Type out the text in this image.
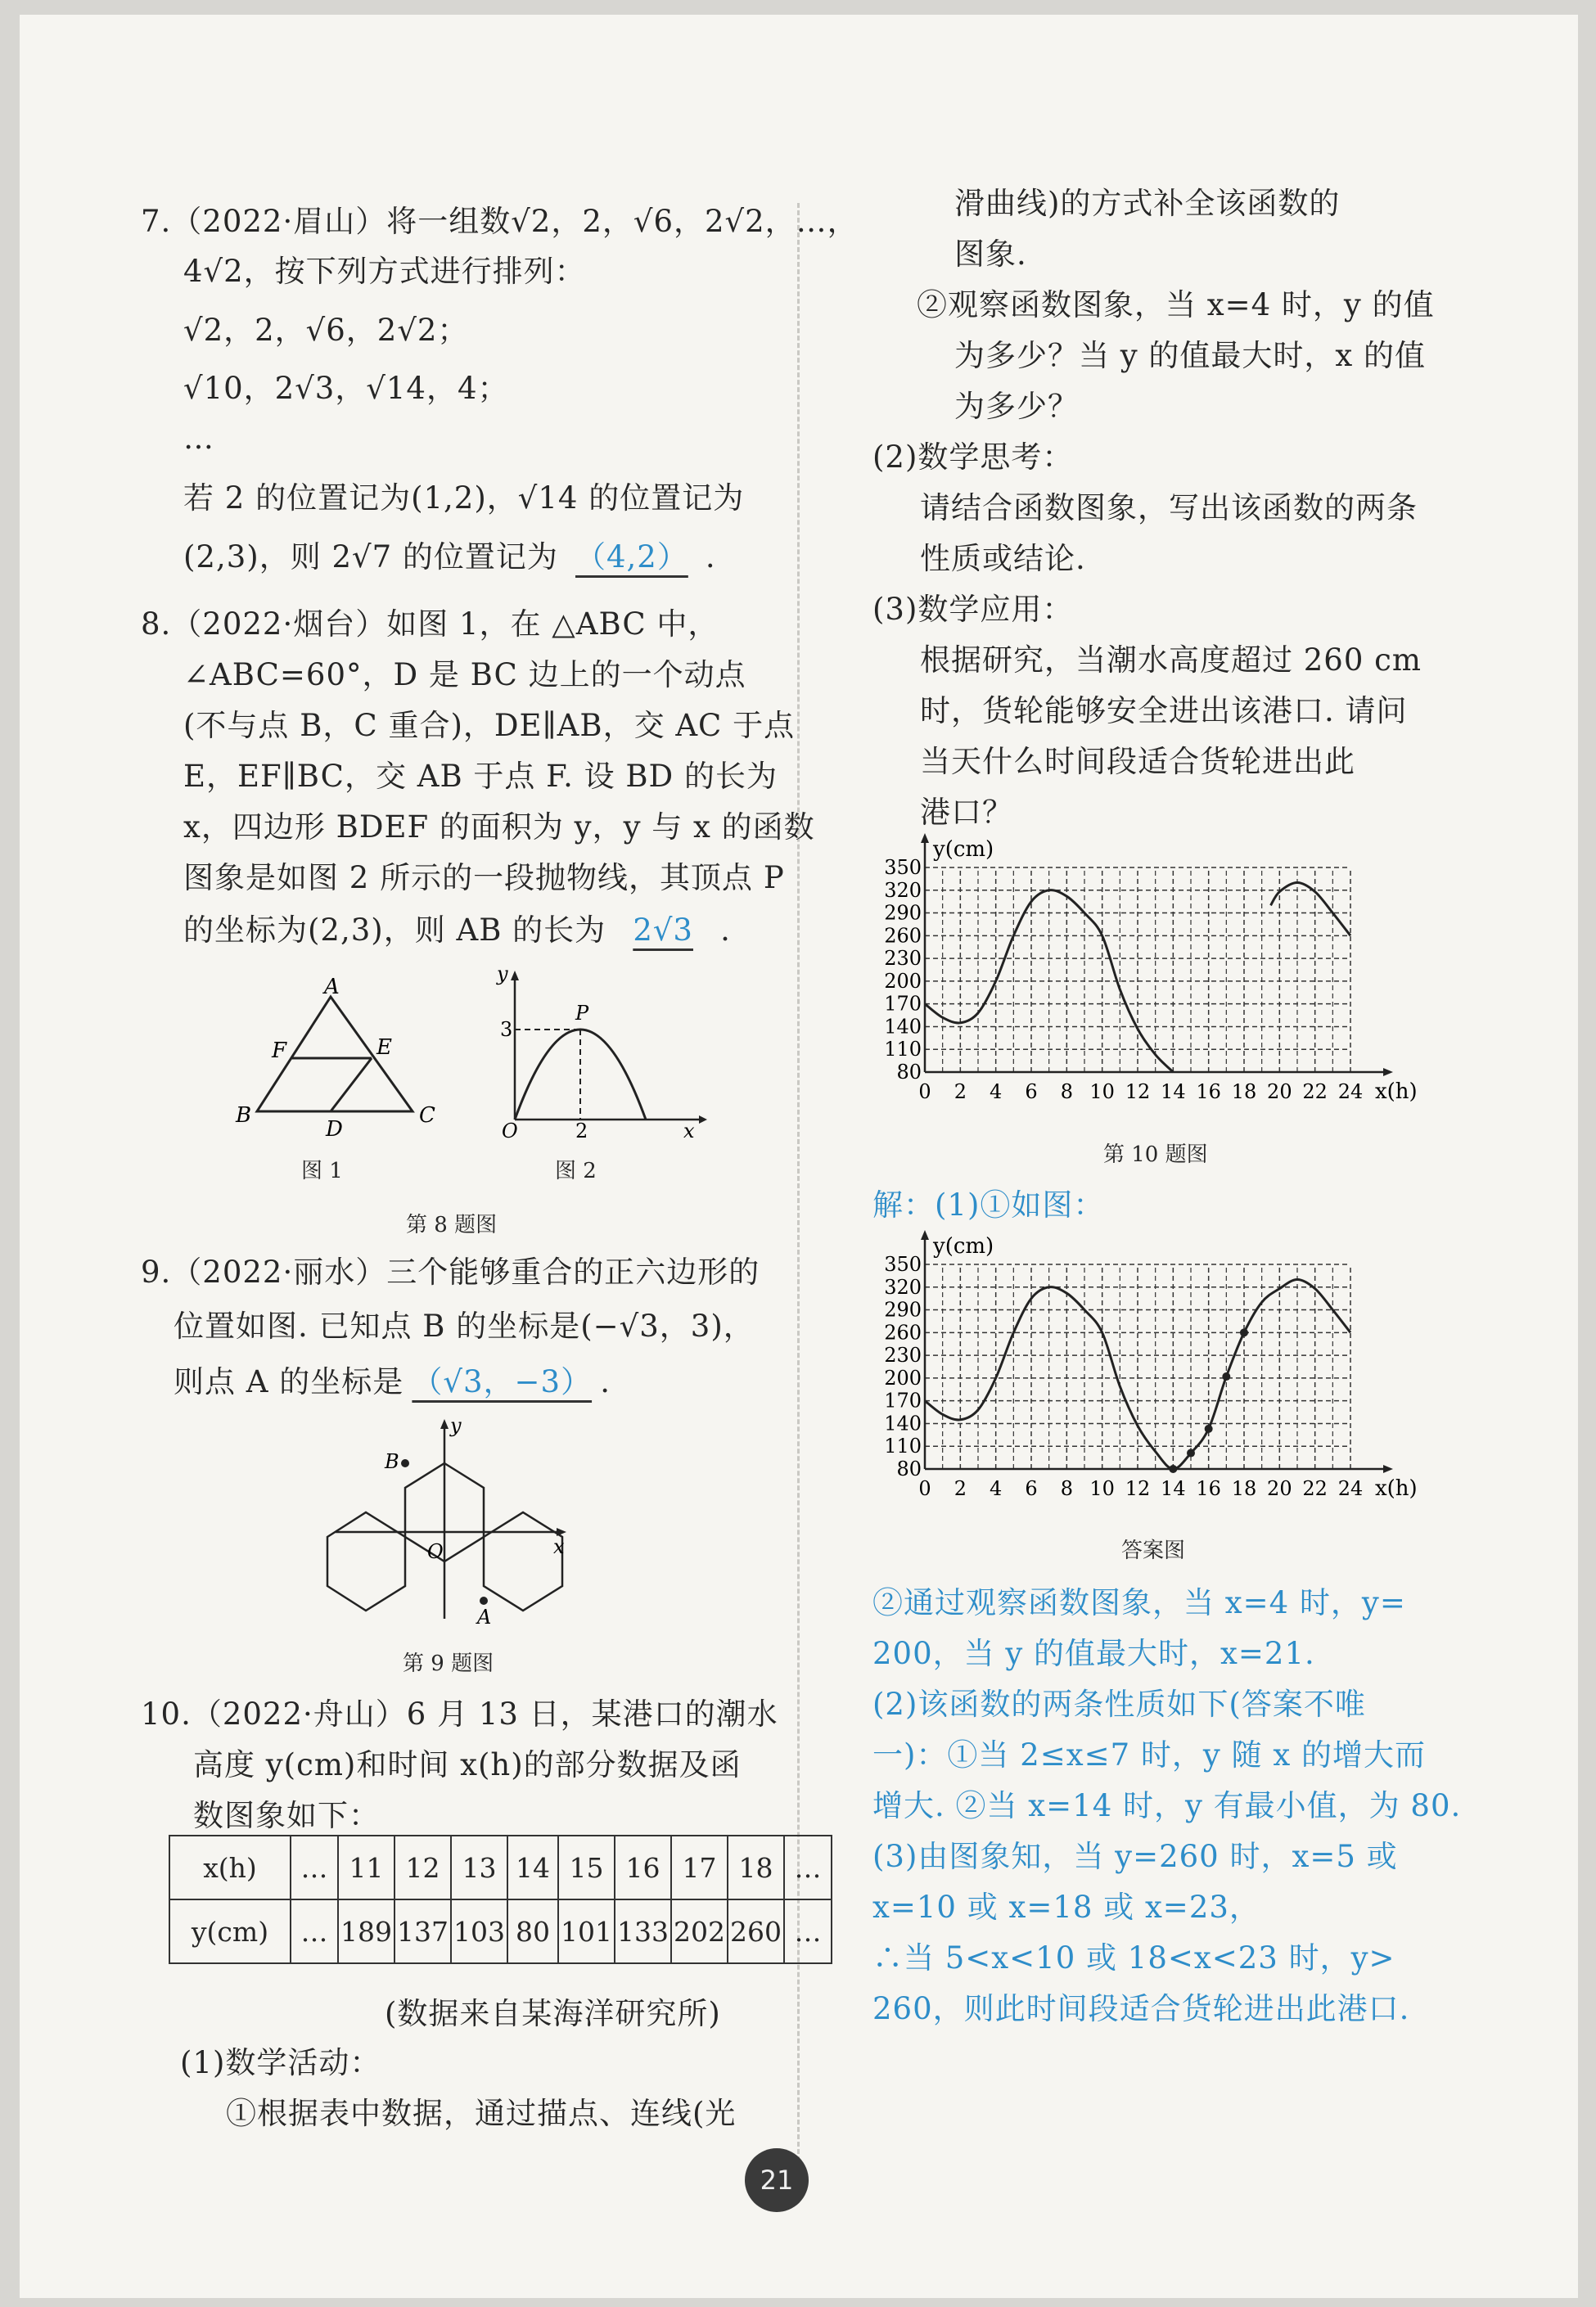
7.（2022·眉山）将一组数√2，2，√6，2√2，…，
4√2，按下列方式进行排列：
√2，2，√6，2√2；
√10，2√3，√14，4；
…
若 2 的位置记为(1,2)，√14 的位置记为
(2,3)，则 2√7 的位置记为 （4,2） .
8.（2022·烟台）如图 1，在 △ABC 中，
∠ABC=60°，D 是 BC 边上的一个动点
(不与点 B，C 重合)，DE∥AB，交 AC 于点
E，EF∥BC，交 AB 于点 F. 设 BD 的长为
x，四边形 BDEF 的面积为 y，y 与 x 的函数
图象是如图 2 所示的一段抛物线，其顶点 P
的坐标为(2,3)，则 AB 的长为 2√3 .
A
B	C
D
E
F
y
P
3
O	2	x
图 1	图 2
第 8 题图
9.（2022·丽水）三个能够重合的正六边形的
位置如图. 已知点 B 的坐标是(−√3，3)，
则点 A 的坐标是 （√3，−3） .
B
O
A
x
y
第 9 题图
10.（2022·舟山）6 月 13 日，某港口的潮水
高度 y(cm)和时间 x(h)的部分数据及函
数图象如下：
x(h)	…	11	12	13	14	15	16	17	18	…
y(cm)	…	189	137	103	80	101	133	202	260	…
(数据来自某海洋研究所)
(1)数学活动：
①根据表中数据，通过描点、连线(光
滑曲线)的方式补全该函数的
图象.
②观察函数图象，当 x=4 时，y 的值
为多少？当 y 的值最大时，x 的值
为多少？
(2)数学思考：
请结合函数图象，写出该函数的两条
性质或结论.
(3)数学应用：
根据研究，当潮水高度超过 260 cm
时，货轮能够安全进出该港口. 请问
当天什么时间段适合货轮进出此
港口？
0 2 4 6 8 10 12 14 16 18 20 22 24
80
110
140
170
200
230
260
290
320
350
x(h)
y(cm)
第 10 题图
解：(1)①如图：
0 2 4 6 8 10 12 14 16 18 20 22 24
80
110
140
170
200
230
260
290
320
350
x(h)
y(cm)
答案图
②通过观察函数图象，当 x=4 时，y=
200，当 y 的值最大时，x=21.
(2)该函数的两条性质如下(答案不唯
一)：①当 2≤x≤7 时，y 随 x 的增大而
增大. ②当 x=14 时，y 有最小值，为 80.
(3)由图象知，当 y=260 时，x=5 或
x=10 或 x=18 或 x=23，
∴当 5<x<10 或 18<x<23 时，y>
260，则此时间段适合货轮进出此港口.
21
